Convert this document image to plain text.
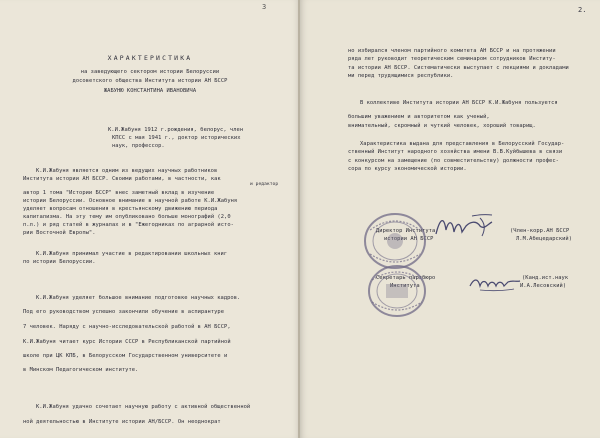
3
ХАРАКТЕРИСТИКА
на заведующего сектором истории Белоруссии
досоветского общества Института истории АН БССР
ЖАБУНЮ КОНСТАНТИНА ИВАНОВИЧА
К.И.Жабуня 1912 г.рождения, белорус, член
КПСС с мая 1941 г., доктор исторических
наук, профессор.
К.И.Жабуня является одним из ведущих научных работников
Института истории АН БССР. Своими работами, в частности, как
и редактор
автор 1 тома "Истории БССР" внес заметный вклад в изучение
истории Белоруссии. Основное внимание в научной работе К.И.Жабуня
уделяет вопросам отношения в крестьянскому движению периода
капитализма. На эту тему им опубликовано больше монографий (2,0
п.л.) и ряд статей в журналах и в "Ежегодниках по аграрной исто-
рии Восточной Европы".
К.И.Жабуня принимал участие в редактировании школьных книг
по истории Белоруссии.
К.И.Жабуня уделяет большое внимание подготовке научных кадров.
Под его руководством успешно закончили обучение в аспирантуре
7 человек. Наряду с научно-исследовательской работой в АН БССР,
К.И.Жабуня читает курс Истории СССР в Республиканской партийной
школе при ЦК КПБ, в Белорусском Государственном университете и
в Минском Педагогическом институте.
К.И.Жабуня удачно сочетает научную работу с активной общественной
ной деятельностью в Институте истории АН/БССР. Он неоднократ
2.
но избирался членом партийного комитета АН БССР и на протяжении
ряда лет руководит теоретическим семинаром сотрудников Институ-
та истории АН БССР. Систематически выступает с лекциями и докладами
ми перед трудящимися республики.
В коллективе Института истории АН БССР К.И.Жабуня пользуется
большим уважением и авторитетом как ученый,
внимательный, скромный и чуткий человек, хороший товарищ.
Характеристика выдана для представления в Белорусский Государ-
ственный Институт народного хозяйства имени В.В.Куйбышева в связи
с конкурсом на замещение (по совместительству) должности профес-
сора по курсу экономической истории.
Директор Института
истории АН БССР
(Член-корр.АН БССР
Л.М.Абецедарский)
Секретарь партбюро
Института
(Канд.ист.наук
И.А.Лесовский)
